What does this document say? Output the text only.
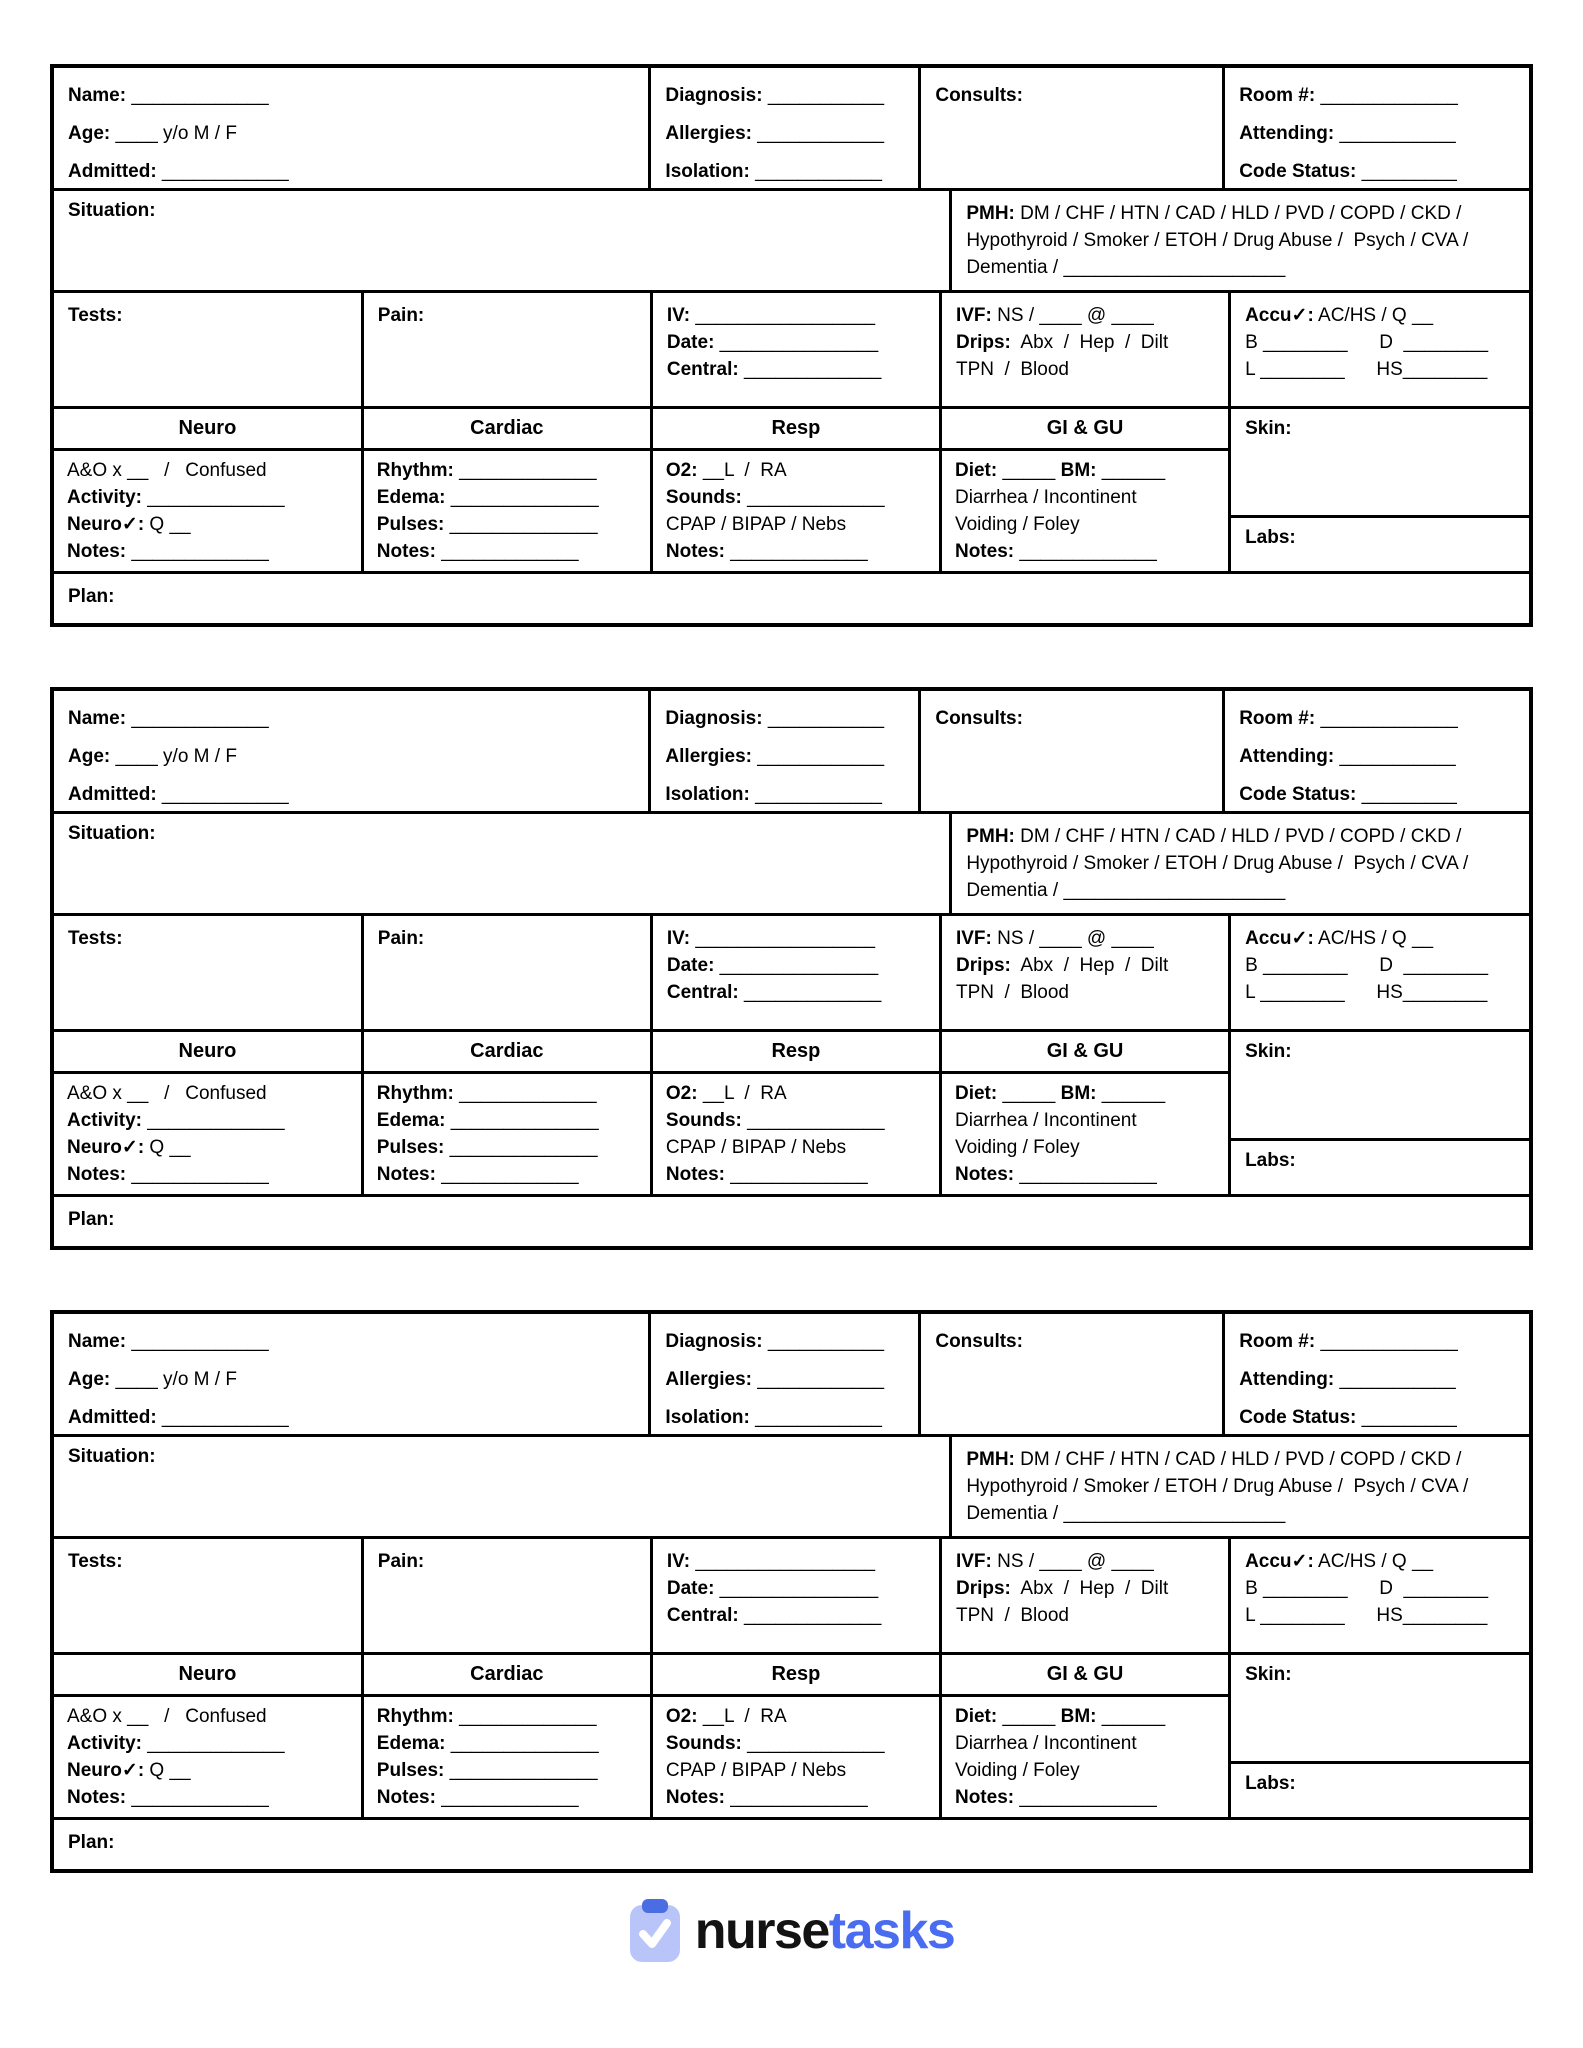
Name: _____________
Age: ____ y/o M / F
Admitted: ____________
Diagnosis: ___________
Allergies: ____________
Isolation: ____________
Consults:	Room #: _____________
Attending: ___________
Code Status: _________
Situation:	PMH: DM / CHF / HTN / CAD / HLD / PVD / COPD / CKD /
Hypothyroid / Smoker / ETOH / Drug Abuse /  Psych / CVA /
Dementia / _____________________
Tests:	Pain:	IV: _________________
Date: _______________
Central: _____________
IVF: NS / ____ @ ____
Drips:  Abx  /  Hep  /  Dilt
TPN  /  Blood
Accu✓: AC/HS / Q __
B ________      D  ________
L ________      HS________
Neuro
A&O x __   /   Confused
Activity: _____________
Neuro✓: Q __
Notes: _____________
Cardiac
Rhythm: _____________
Edema: ______________
Pulses: ______________
Notes: _____________
Resp
O2: __L  /  RA
Sounds: _____________
CPAP / BIPAP / Nebs
Notes: _____________
GI & GU
Diet: _____ BM: ______
Diarrhea / Incontinent
Voiding / Foley
Notes: _____________
Skin:
Labs:
Plan:
Name: _____________
Age: ____ y/o M / F
Admitted: ____________
Diagnosis: ___________
Allergies: ____________
Isolation: ____________
Consults:	Room #: _____________
Attending: ___________
Code Status: _________
Situation:	PMH: DM / CHF / HTN / CAD / HLD / PVD / COPD / CKD /
Hypothyroid / Smoker / ETOH / Drug Abuse /  Psych / CVA /
Dementia / _____________________
Tests:	Pain:	IV: _________________
Date: _______________
Central: _____________
IVF: NS / ____ @ ____
Drips:  Abx  /  Hep  /  Dilt
TPN  /  Blood
Accu✓: AC/HS / Q __
B ________      D  ________
L ________      HS________
Neuro
A&O x __   /   Confused
Activity: _____________
Neuro✓: Q __
Notes: _____________
Cardiac
Rhythm: _____________
Edema: ______________
Pulses: ______________
Notes: _____________
Resp
O2: __L  /  RA
Sounds: _____________
CPAP / BIPAP / Nebs
Notes: _____________
GI & GU
Diet: _____ BM: ______
Diarrhea / Incontinent
Voiding / Foley
Notes: _____________
Skin:
Labs:
Plan:
Name: _____________
Age: ____ y/o M / F
Admitted: ____________
Diagnosis: ___________
Allergies: ____________
Isolation: ____________
Consults:	Room #: _____________
Attending: ___________
Code Status: _________
Situation:	PMH: DM / CHF / HTN / CAD / HLD / PVD / COPD / CKD /
Hypothyroid / Smoker / ETOH / Drug Abuse /  Psych / CVA /
Dementia / _____________________
Tests:	Pain:	IV: _________________
Date: _______________
Central: _____________
IVF: NS / ____ @ ____
Drips:  Abx  /  Hep  /  Dilt
TPN  /  Blood
Accu✓: AC/HS / Q __
B ________      D  ________
L ________      HS________
Neuro
A&O x __   /   Confused
Activity: _____________
Neuro✓: Q __
Notes: _____________
Cardiac
Rhythm: _____________
Edema: ______________
Pulses: ______________
Notes: _____________
Resp
O2: __L  /  RA
Sounds: _____________
CPAP / BIPAP / Nebs
Notes: _____________
GI & GU
Diet: _____ BM: ______
Diarrhea / Incontinent
Voiding / Foley
Notes: _____________
Skin:
Labs:
Plan:
nursetasks
